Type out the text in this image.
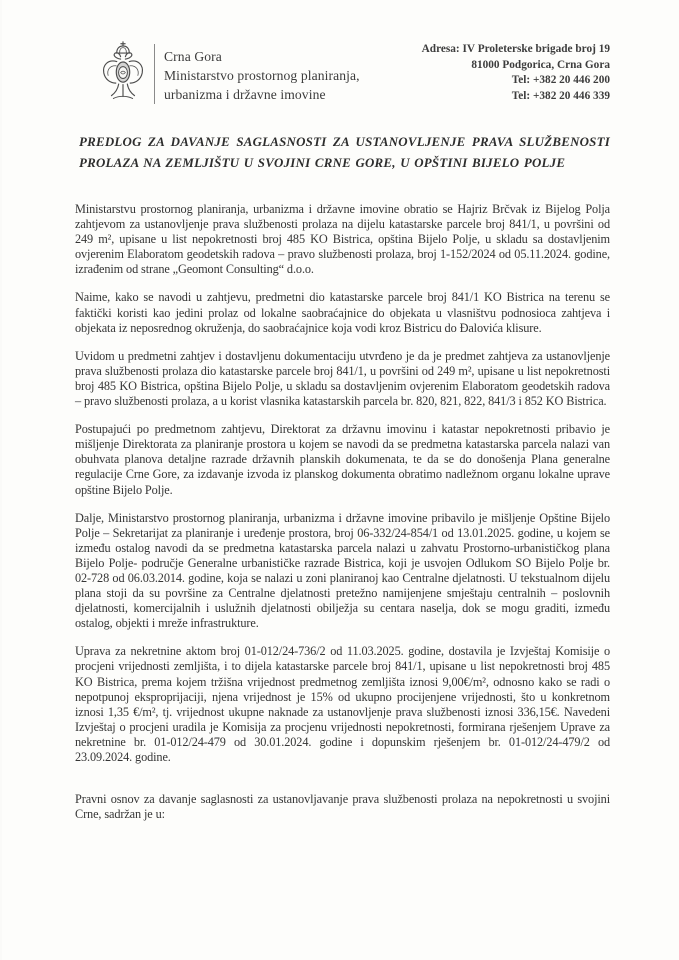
Crna Gora
Ministarstvo prostornog planiranja,
urbanizma i državne imovine
Adresa: IV Proleterske brigade broj 19
81000 Podgorica, Crna Gora
Tel: +382 20 446 200
Tel: +382 20 446 339
PREDLOG ZA DAVANJE SAGLASNOSTI ZA USTANOVLJENJE PRAVA SLUŽBENOSTI PROLAZA NA ZEMLJIŠTU U SVOJINI CRNE GORE, U OPŠTINI BIJELO POLJE

Ministarstvu prostornog planiranja, urbanizma i državne imovine obratio se Hajriz Brčvak iz Bijelog Polja zahtjevom za ustanovljenje prava službenosti prolaza na dijelu katastarske parcele broj 841/1, u površini od 249 m², upisane u list nepokretnosti broj 485 KO Bistrica, opština Bijelo Polje, u skladu sa dostavljenim ovjerenim Elaboratom geodetskih radova – pravo službenosti prolaza, broj 1-152/2024 od 05.11.2024. godine, izrađenim od strane „Geomont Consulting“ d.o.o.

Naime, kako se navodi u zahtjevu, predmetni dio katastarske parcele broj 841/1 KO Bistrica na terenu se faktički koristi kao jedini prolaz od lokalne saobraćajnice do objekata u vlasništvu podnosioca zahtjeva i objekata iz neposrednog okruženja, do saobraćajnice koja vodi kroz Bistricu do Đalovića klisure.

Uvidom u predmetni zahtjev i dostavljenu dokumentaciju utvrđeno je da je predmet zahtjeva za ustanovljenje prava službenosti prolaza dio katastarske parcele broj 841/1, u površini od 249 m², upisane u list nepokretnosti broj 485 KO Bistrica, opština Bijelo Polje, u skladu sa dostavljenim ovjerenim Elaboratom geodetskih radova – pravo službenosti prolaza, a u korist vlasnika katastarskih parcela br. 820, 821, 822, 841/3 i 852 KO Bistrica.

Postupajući po predmetnom zahtjevu, Direktorat za državnu imovinu i katastar nepokretnosti pribavio je mišljenje Direktorata za planiranje prostora u kojem se navodi da se predmetna katastarska parcela nalazi van obuhvata planova detaljne razrade državnih planskih dokumenata, te da se do donošenja Plana generalne regulacije Crne Gore, za izdavanje izvoda iz planskog dokumenta obratimo nadležnom organu lokalne uprave opštine Bijelo Polje.

Dalje, Ministarstvo prostornog planiranja, urbanizma i državne imovine pribavilo je mišljenje Opštine Bijelo Polje – Sekretarijat za planiranje i uređenje prostora, broj 06-332/24-854/1 od 13.01.2025. godine, u kojem se između ostalog navodi da se predmetna katastarska parcela nalazi u zahvatu Prostorno-urbanističkog plana Bijelo Polje- područje Generalne urbanističke razrade Bistrica, koji je usvojen Odlukom SO Bijelo Polje br. 02-728 od 06.03.2014. godine, koja se nalazi u zoni planiranoj kao Centralne djelatnosti. U tekstualnom dijelu plana stoji da su površine za Centralne djelatnosti pretežno namijenjene smještaju centralnih – poslovnih djelatnosti, komercijalnih i uslužnih djelatnosti obilježja su centara naselja, dok se mogu graditi, između ostalog, objekti i mreže infrastrukture.

Uprava za nekretnine aktom broj 01-012/24-736/2 od 11.03.2025. godine, dostavila je Izvještaj Komisije o procjeni vrijednosti zemljišta, i to dijela katastarske parcele broj 841/1, upisane u list nepokretnosti broj 485 KO Bistrica, prema kojem tržišna vrijednost predmetnog zemljišta iznosi 9,00€/m², odnosno kako se radi o nepotpunoj eksproprijaciji, njena vrijednost je 15% od ukupno procijenjene vrijednosti, što u konkretnom iznosi 1,35 €/m², tj. vrijednost ukupne naknade za ustanovljenje prava službenosti iznosi 336,15€. Navedeni Izvještaj o procjeni uradila je Komisija za procjenu vrijednosti nepokretnosti, formirana rješenjem Uprave za nekretnine br. 01-012/24-479 od 30.01.2024. godine i dopunskim rješenjem br. 01-012/24-479/2 od 23.09.2024. godine.

Pravni osnov za davanje saglasnosti za ustanovljavanje prava službenosti prolaza na nepokretnosti u svojini Crne, sadržan je u:
